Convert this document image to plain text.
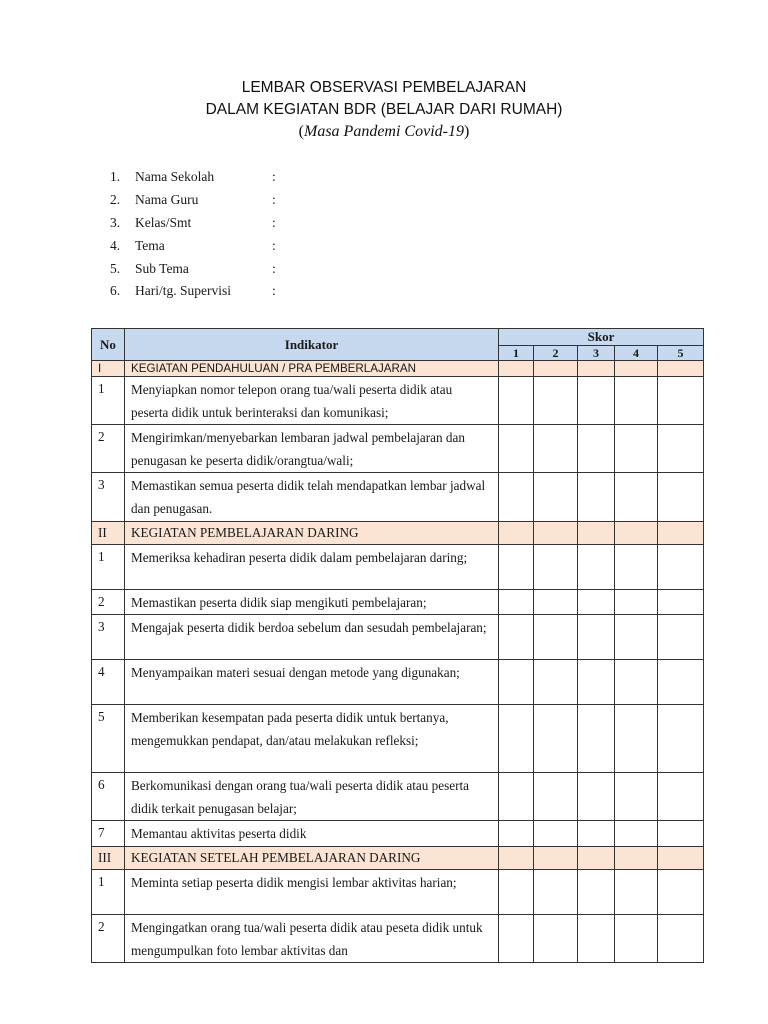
LEMBAR OBSERVASI PEMBELAJARAN
DALAM KEGIATAN BDR (BELAJAR DARI RUMAH)
(Masa Pandemi Covid-19)
1.	Nama Sekolah	:
2.	Nama Guru	:
3.	Kelas/Smt	:
4.	Tema	:
5.	Sub Tema	:
6.	Hari/tg. Supervisi	:
No	Indikator	Skor				
		1	2	3	4	5
I	KEGIATAN PENDAHULUAN / PRA PEMBERLAJARAN					
1	Menyiapkan nomor telepon orang tua/wali peserta didik atau peserta didik untuk berinteraksi dan komunikasi;					
2	Mengirimkan/menyebarkan lembaran jadwal pembelajaran dan penugasan ke peserta didik/orangtua/wali;					
3	Memastikan semua peserta didik telah mendapatkan lembar jadwal dan penugasan.					
II	KEGIATAN PEMBELAJARAN DARING					
1	Memeriksa kehadiran peserta didik dalam pembelajaran daring;					
2	Memastikan peserta didik siap mengikuti pembelajaran;					
3	Mengajak peserta didik berdoa sebelum dan sesudah pembelajaran;					
4	Menyampaikan materi sesuai dengan metode yang digunakan;					
5	Memberikan kesempatan pada peserta didik untuk bertanya, mengemukkan pendapat, dan/atau melakukan refleksi;					
6	Berkomunikasi dengan orang tua/wali peserta didik atau peserta didik terkait penugasan belajar;					
7	Memantau aktivitas peserta didik					
III	KEGIATAN SETELAH PEMBELAJARAN DARING					
1	Meminta setiap peserta didik mengisi lembar aktivitas harian;					
2	Mengingatkan orang tua/wali peserta didik atau peseta didik untuk mengumpulkan foto lembar aktivitas dan					
